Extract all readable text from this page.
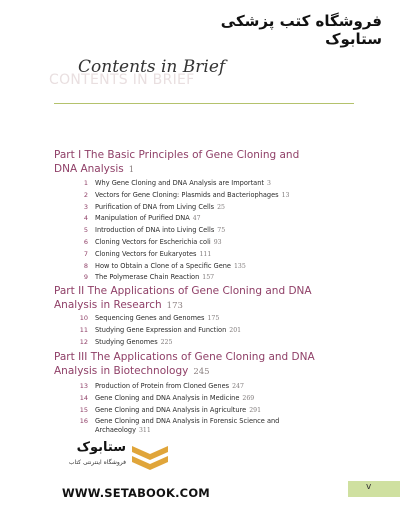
فروشگاه کتب پزشکی ستابوک
CONTENTS IN BRIEF
Contents in Brief
Part I The Basic Principles of Gene Cloning and
DNA Analysis 1
1 Why Gene Cloning and DNA Analysis are Important 3
2 Vectors for Gene Cloning: Plasmids and Bacteriophages 13
3 Purification of DNA from Living Cells 25
4 Manipulation of Purified DNA 47
5 Introduction of DNA into Living Cells 75
6 Cloning Vectors for Escherichia coli 93
7 Cloning Vectors for Eukaryotes 111
8 How to Obtain a Clone of a Specific Gene 135
9 The Polymerase Chain Reaction 157
Part II The Applications of Gene Cloning and DNA
Analysis in Research 173
10 Sequencing Genes and Genomes 175
11 Studying Gene Expression and Function 201
12 Studying Genomes 225
Part III The Applications of Gene Cloning and DNA
Analysis in Biotechnology 245
13 Production of Protein from Cloned Genes 247
14 Gene Cloning and DNA Analysis in Medicine 269
15 Gene Cloning and DNA Analysis in Agriculture 291
16 Gene Cloning and DNA Analysis in Forensic Science and Archaeology 311
ستابوک
فروشگاه اینترنتی کتاب
WWW.SETABOOK.COM	v
